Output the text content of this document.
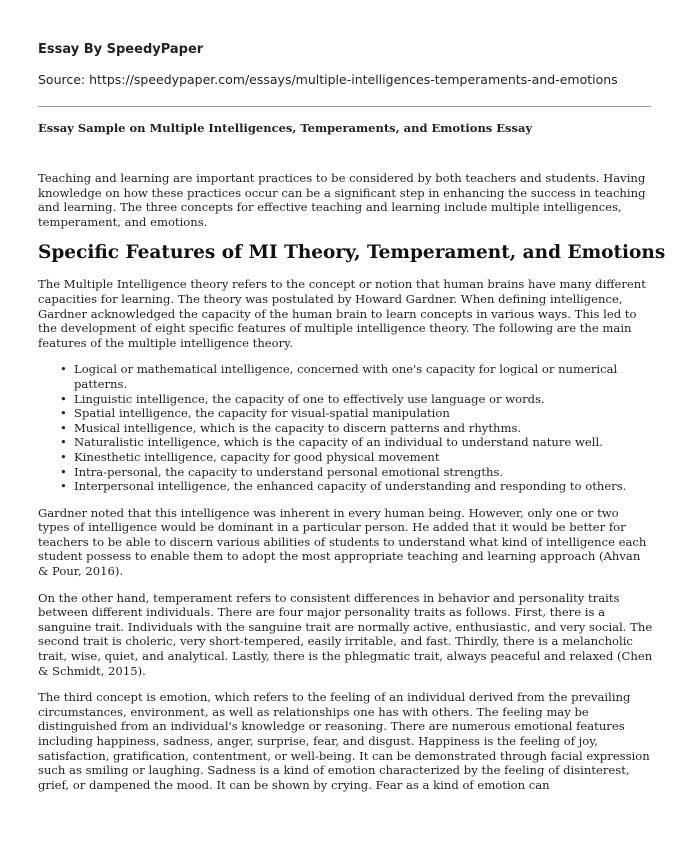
Essay By SpeedyPaper
Source: https://speedypaper.com/essays/multiple-intelligences-temperaments-and-emotions
Essay Sample on Multiple Intelligences, Temperaments, and Emotions Essay

Teaching and learning are important practices to be considered by both teachers and students. Having knowledge on how these practices occur can be a significant step in enhancing the success in teaching and learning. The three concepts for effective teaching and learning include multiple intelligences, temperament, and emotions.

Specific Features of MI Theory, Temperament, and Emotions

The Multiple Intelligence theory refers to the concept or notion that human brains have many different capacities for learning. The theory was postulated by Howard Gardner. When defining intelligence, Gardner acknowledged the capacity of the human brain to learn concepts in various ways. This led to the development of eight specific features of multiple intelligence theory. The following are the main features of the multiple intelligence theory.

• Logical or mathematical intelligence, concerned with one's capacity for logical or numerical patterns.
• Linguistic intelligence, the capacity of one to effectively use language or words.
• Spatial intelligence, the capacity for visual-spatial manipulation
• Musical intelligence, which is the capacity to discern patterns and rhythms.
• Naturalistic intelligence, which is the capacity of an individual to understand nature well.
• Kinesthetic intelligence, capacity for good physical movement
• Intra-personal, the capacity to understand personal emotional strengths.
• Interpersonal intelligence, the enhanced capacity of understanding and responding to others.

Gardner noted that this intelligence was inherent in every human being. However, only one or two types of intelligence would be dominant in a particular person. He added that it would be better for teachers to be able to discern various abilities of students to understand what kind of intelligence each student possess to enable them to adopt the most appropriate teaching and learning approach (Ahvan & Pour, 2016).

On the other hand, temperament refers to consistent differences in behavior and personality traits between different individuals. There are four major personality traits as follows. First, there is a sanguine trait. Individuals with the sanguine trait are normally active, enthusiastic, and very social. The second trait is choleric, very short-tempered, easily irritable, and fast. Thirdly, there is a melancholic trait, wise, quiet, and analytical. Lastly, there is the phlegmatic trait, always peaceful and relaxed (Chen & Schmidt, 2015).

The third concept is emotion, which refers to the feeling of an individual derived from the prevailing circumstances, environment, as well as relationships one has with others. The feeling may be distinguished from an individual's knowledge or reasoning. There are numerous emotional features including happiness, sadness, anger, surprise, fear, and disgust. Happiness is the feeling of joy, satisfaction, gratification, contentment, or well-being. It can be demonstrated through facial expression such as smiling or laughing. Sadness is a kind of emotion characterized by the feeling of disinterest, grief, or dampened the mood. It can be shown by crying. Fear as a kind of emotion can
